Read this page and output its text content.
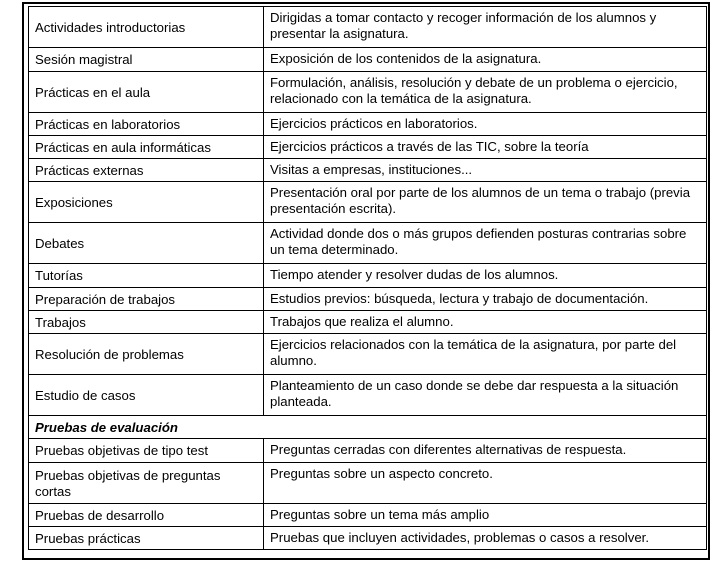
Actividades introductorias	Dirigidas a tomar contacto y recoger información de los alumnos y presentar la asignatura.
Sesión magistral	Exposición de los contenidos de la asignatura.
Prácticas en el aula	Formulación, análisis, resolución y debate de un problema o ejercicio, relacionado con la temática de la asignatura.
Prácticas en laboratorios	Ejercicios prácticos en laboratorios.
Prácticas en aula informáticas	Ejercicios prácticos a través de las TIC, sobre la teoría
Prácticas externas	Visitas a empresas, instituciones...
Exposiciones	Presentación oral por parte de los alumnos de un tema o trabajo (previa presentación escrita).
Debates	Actividad donde dos o más grupos defienden posturas contrarias sobre un tema determinado.
Tutorías	Tiempo atender y resolver dudas de los alumnos.
Preparación de trabajos	Estudios previos: búsqueda, lectura y trabajo de documentación.
Trabajos	Trabajos que realiza el alumno.
Resolución de problemas	Ejercicios relacionados con la temática de la asignatura, por parte del alumno.
Estudio de casos	Planteamiento de un caso donde se debe dar respuesta a la situación planteada.
Pruebas de evaluación	
Pruebas objetivas de tipo test	Preguntas cerradas con diferentes alternativas de respuesta.
Pruebas objetivas de preguntas cortas	Preguntas sobre un aspecto concreto.
Pruebas de desarrollo	Preguntas sobre un tema más amplio
Pruebas prácticas	Pruebas que incluyen actividades, problemas o casos a resolver.
